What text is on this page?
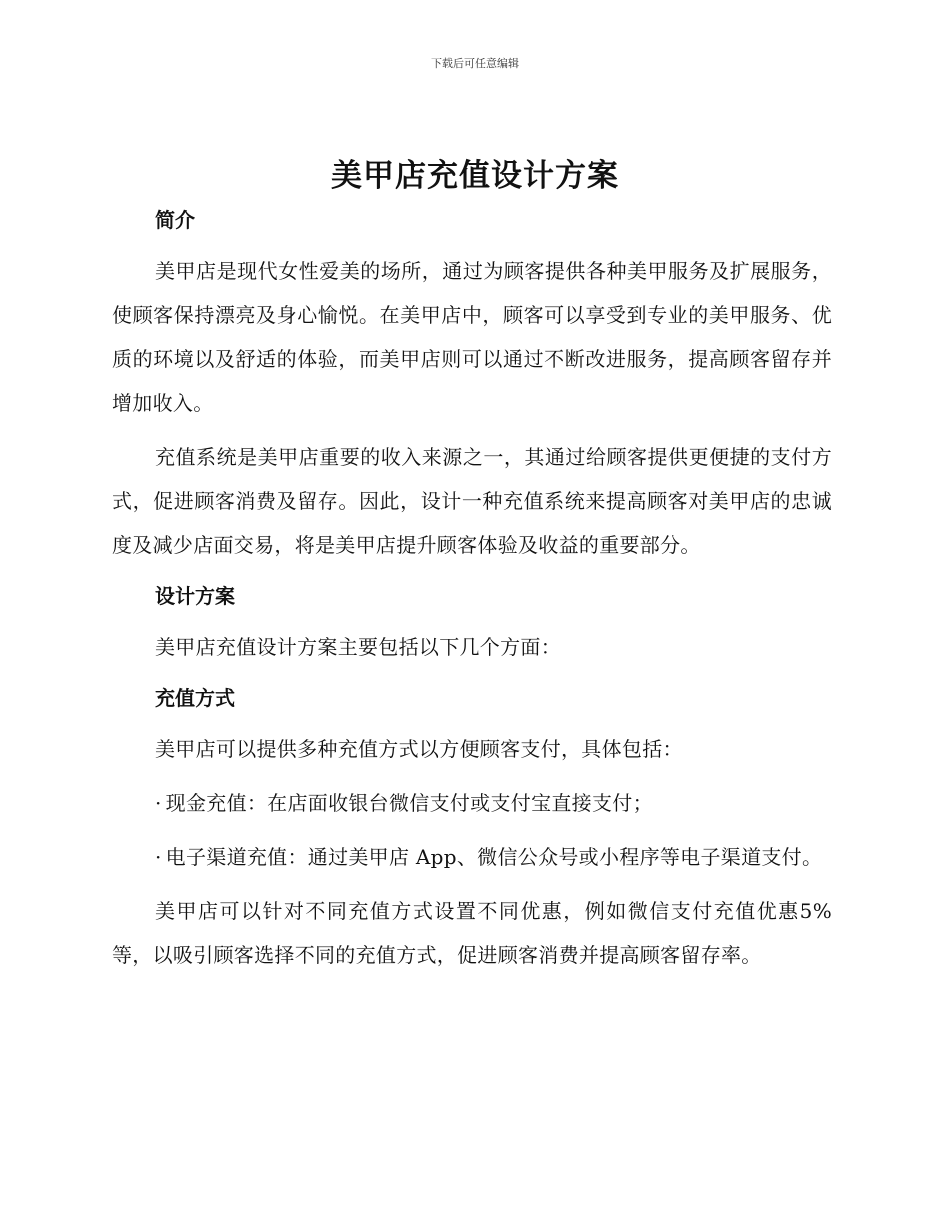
下载后可任意编辑
美甲店充值设计方案
简介

美甲店是现代女性爱美的场所，通过为顾客提供各种美甲服务及扩展服务，使顾客保持漂亮及身心愉悦。在美甲店中，顾客可以享受到专业的美甲服务、优质的环境以及舒适的体验，而美甲店则可以通过不断改进服务，提高顾客留存并增加收入。

充值系统是美甲店重要的收入来源之一，其通过给顾客提供更便捷的支付方式，促进顾客消费及留存。因此，设计一种充值系统来提高顾客对美甲店的忠诚度及减少店面交易，将是美甲店提升顾客体验及收益的重要部分。

设计方案

美甲店充值设计方案主要包括以下几个方面：

充值方式

美甲店可以提供多种充值方式以方便顾客支付，具体包括：

· 现金充值：在店面收银台微信支付或支付宝直接支付；

· 电子渠道充值：通过美甲店 App、微信公众号或小程序等电子渠道支付。

美甲店可以针对不同充值方式设置不同优惠，例如微信支付充值优惠5%等，以吸引顾客选择不同的充值方式，促进顾客消费并提高顾客留存率。
